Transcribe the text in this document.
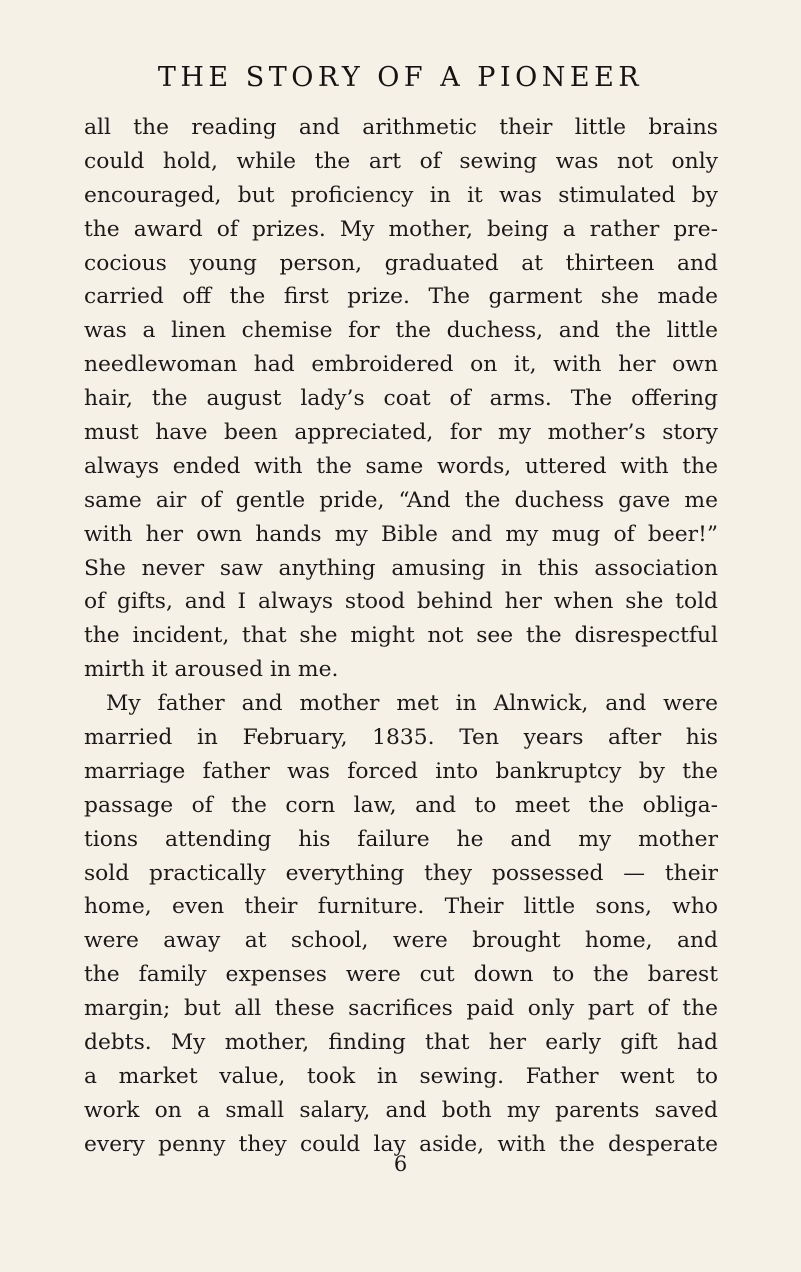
THE STORY OF A PIONEER
all the reading and arithmetic their little brains
could hold, while the art of sewing was not only
encouraged, but proficiency in it was stimulated by
the award of prizes. My mother, being a rather pre-
cocious young person, graduated at thirteen and
carried off the first prize. The garment she made
was a linen chemise for the duchess, and the little
needlewoman had embroidered on it, with her own
hair, the august lady’s coat of arms. The offering
must have been appreciated, for my mother’s story
always ended with the same words, uttered with the
same air of gentle pride, “And the duchess gave me
with her own hands my Bible and my mug of beer!”
She never saw anything amusing in this association
of gifts, and I always stood behind her when she told
the incident, that she might not see the disrespectful
mirth it aroused in me.
My father and mother met in Alnwick, and were
married in February, 1835. Ten years after his
marriage father was forced into bankruptcy by the
passage of the corn law, and to meet the obliga-
tions attending his failure he and my mother
sold practically everything they possessed — their
home, even their furniture. Their little sons, who
were away at school, were brought home, and
the family expenses were cut down to the barest
margin; but all these sacrifices paid only part of the
debts. My mother, finding that her early gift had
a market value, took in sewing. Father went to
work on a small salary, and both my parents saved
every penny they could lay aside, with the desperate
6
